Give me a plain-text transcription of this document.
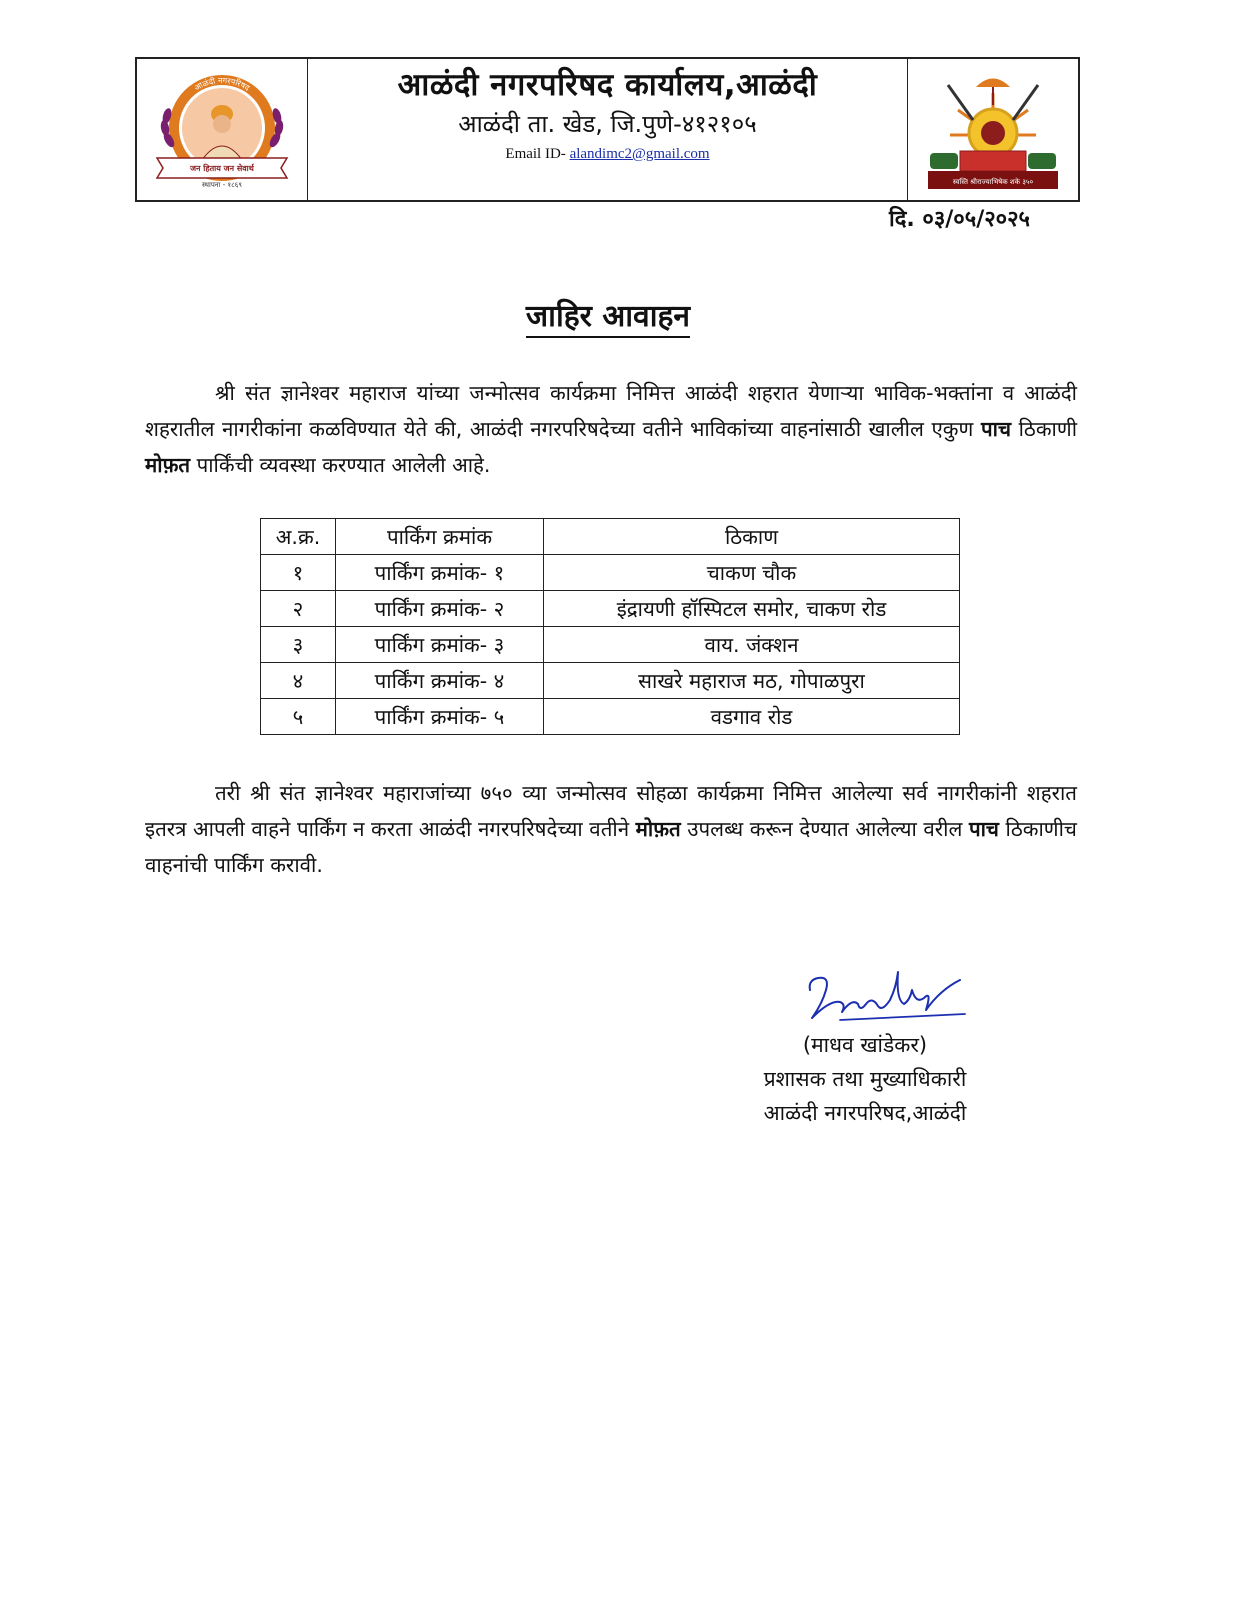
आळंदी नगरपरिषद
जन हिताय जन सेवार्थ
स्थापना - १८६९
आळंदी नगरपरिषद कार्यालय,आळंदी
आळंदी ता. खेड, जि.पुणे-४१२१०५
Email ID- alandimc2@gmail.com
स्वस्ति श्रीराज्याभिषेक शके ३५०
दि. ०३/०५/२०२५
जाहिर आवाहन

श्री संत ज्ञानेश्वर महाराज यांच्या जन्मोत्सव कार्यक्रमा निमित्त आळंदी शहरात येणाऱ्या भाविक-भक्तांना व आळंदी शहरातील नागरीकांना कळविण्यात येते की, आळंदी नगरपरिषदेच्या वतीने भाविकांच्या वाहनांसाठी खालील एकुण पाच ठिकाणी मोफ़त पार्किंची व्यवस्था करण्यात आलेली आहे.

अ.क्र.	पार्किंग क्रमांक	ठिकाण
१	पार्किंग क्रमांक- १	चाकण चौक
२	पार्किंग क्रमांक- २	इंद्रायणी हॉस्पिटल समोर, चाकण रोड
३	पार्किंग क्रमांक- ३	वाय. जंक्शन
४	पार्किंग क्रमांक- ४	साखरे महाराज मठ, गोपाळपुरा
५	पार्किंग क्रमांक- ५	वडगाव रोड

तरी श्री संत ज्ञानेश्वर महाराजांच्या ७५० व्या जन्मोत्सव सोहळा कार्यक्रमा निमित्त आलेल्या सर्व नागरीकांनी शहरात इतरत्र आपली वाहने पार्किंग न करता आळंदी नगरपरिषदेच्या वतीने मोफ़त उपलब्ध करून देण्यात आलेल्या वरील पाच ठिकाणीच वाहनांची पार्किंग करावी.

(माधव खांडेकर)
प्रशासक तथा मुख्याधिकारी
आळंदी नगरपरिषद,आळंदी
